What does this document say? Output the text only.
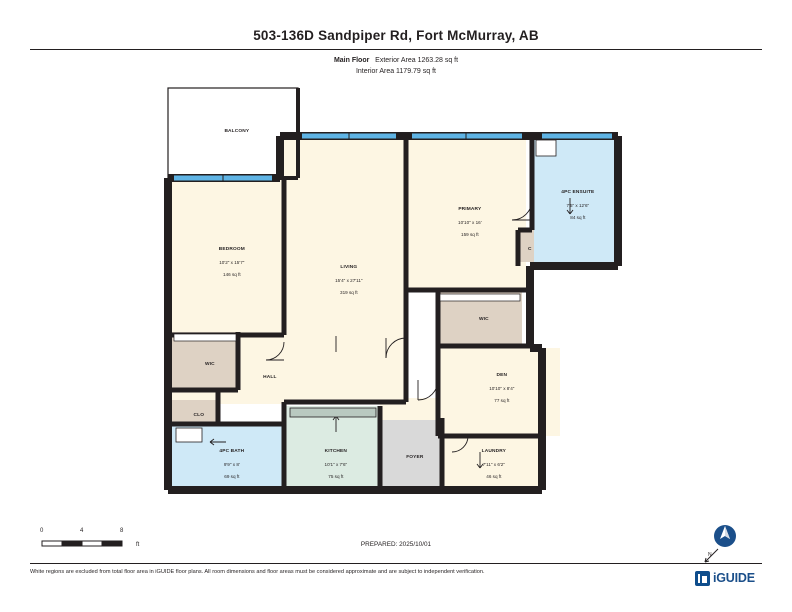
503-136D Sandpiper Rd, Fort McMurray, AB
Main Floor Exterior Area 1263.28 sq ft
Interior Area 1179.79 sq ft

BALCONY

BEDROOM

10'2" x 15'7"

146 sq ft

LIVING

15'4" x 27'11"

319 sq ft

PRIMARY

10'10" x 16'

159 sq ft

4PC ENSUITE

7'5" x 12'6"

84 sq ft

C

WIC

WIC

HALL
	DEN

10'10" x 8'4"

77 sq ft

CLO

4PC BATH

9'9" x 8'

69 sq ft

KITCHEN

10'1" x 7'6"

75 sq ft

FOYER

LAUNDRY

7'11" x 6'2"

46 sq ft

0	4	8
ft	PREPARED: 2025/10/01
N
White regions are excluded from total floor area in iGUIDE floor plans. All room dimensions and floor areas must be considered approximate and are subject to independent verification.	iGUIDE
